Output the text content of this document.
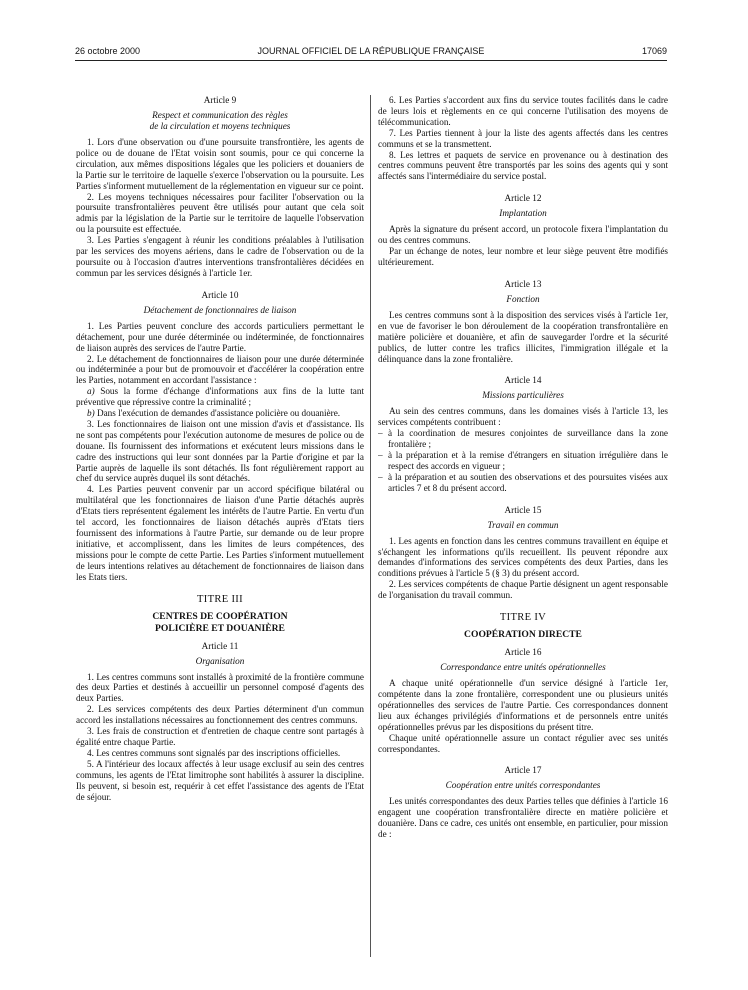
26 octobre 2000	JOURNAL OFFICIEL DE LA RÉPUBLIQUE FRANÇAISE	17069
Article 9
Respect et communication des règles
de la circulation et moyens techniques

1. Lors d'une observation ou d'une poursuite transfrontière, les agents de police ou de douane de l'Etat voisin sont soumis, pour ce qui concerne la circulation, aux mêmes dispositions légales que les policiers et douaniers de la Partie sur le territoire de laquelle s'exerce l'observation ou la poursuite. Les Parties s'informent mutuellement de la réglementation en vigueur sur ce point.

2. Les moyens techniques nécessaires pour faciliter l'observation ou la poursuite transfrontalières peuvent être utilisés pour autant que cela soit admis par la législation de la Partie sur le territoire de laquelle l'observation ou la poursuite est effectuée.

3. Les Parties s'engagent à réunir les conditions préalables à l'utilisation par les services des moyens aériens, dans le cadre de l'observation ou de la poursuite ou à l'occasion d'autres interventions transfrontalières décidées en commun par les services désignés à l'article 1er.

Article 10
Détachement de fonctionnaires de liaison

1. Les Parties peuvent conclure des accords particuliers permettant le détachement, pour une durée déterminée ou indéterminée, de fonctionnaires de liaison auprès des services de l'autre Partie.

2. Le détachement de fonctionnaires de liaison pour une durée déterminée ou indéterminée a pour but de promouvoir et d'accélérer la coopération entre les Parties, notamment en accordant l'assistance :

a) Sous la forme d'échange d'informations aux fins de la lutte tant préventive que répressive contre la criminalité ;

b) Dans l'exécution de demandes d'assistance policière ou douanière.

3. Les fonctionnaires de liaison ont une mission d'avis et d'assistance. Ils ne sont pas compétents pour l'exécution autonome de mesures de police ou de douane. Ils fournissent des informations et exécutent leurs missions dans le cadre des instructions qui leur sont données par la Partie d'origine et par la Partie auprès de laquelle ils sont détachés. Ils font régulièrement rapport au chef du service auprès duquel ils sont détachés.

4. Les Parties peuvent convenir par un accord spécifique bilatéral ou multilatéral que les fonctionnaires de liaison d'une Partie détachés auprès d'Etats tiers représentent également les intérêts de l'autre Partie. En vertu d'un tel accord, les fonctionnaires de liaison détachés auprès d'Etats tiers fournissent des informations à l'autre Partie, sur demande ou de leur propre initiative, et accomplissent, dans les limites de leurs compétences, des missions pour le compte de cette Partie. Les Parties s'informent mutuellement de leurs intentions relatives au détachement de fonctionnaires de liaison dans les Etats tiers.

TITRE III
CENTRES DE COOPÉRATION
POLICIÈRE ET DOUANIÈRE
Article 11
Organisation

1. Les centres communs sont installés à proximité de la frontière commune des deux Parties et destinés à accueillir un personnel composé d'agents des deux Parties.

2. Les services compétents des deux Parties déterminent d'un commun accord les installations nécessaires au fonctionnement des centres communs.

3. Les frais de construction et d'entretien de chaque centre sont partagés à égalité entre chaque Partie.

4. Les centres communs sont signalés par des inscriptions officielles.

5. A l'intérieur des locaux affectés à leur usage exclusif au sein des centres communs, les agents de l'Etat limitrophe sont habilités à assurer la discipline. Ils peuvent, si besoin est, requérir à cet effet l'assistance des agents de l'Etat de séjour.

6. Les Parties s'accordent aux fins du service toutes facilités dans le cadre de leurs lois et règlements en ce qui concerne l'utilisation des moyens de télécommunication.

7. Les Parties tiennent à jour la liste des agents affectés dans les centres communs et se la transmettent.

8. Les lettres et paquets de service en provenance ou à destination des centres communs peuvent être transportés par les soins des agents qui y sont affectés sans l'intermédiaire du service postal.

Article 12
Implantation

Après la signature du présent accord, un protocole fixera l'implantation du ou des centres communs.

Par un échange de notes, leur nombre et leur siège peuvent être modifiés ultérieurement.

Article 13
Fonction

Les centres communs sont à la disposition des services visés à l'article 1er, en vue de favoriser le bon déroulement de la coopération transfrontalière en matière policière et douanière, et afin de sauvegarder l'ordre et la sécurité publics, de lutter contre les trafics illicites, l'immigration illégale et la délinquance dans la zone frontalière.

Article 14
Missions particulières

Au sein des centres communs, dans les domaines visés à l'article 13, les services compétents contribuent :

– à la coordination de mesures conjointes de surveillance dans la zone frontalière ;

– à la préparation et à la remise d'étrangers en situation irrégulière dans le respect des accords en vigueur ;

– à la préparation et au soutien des observations et des poursuites visées aux articles 7 et 8 du présent accord.

Article 15
Travail en commun

1. Les agents en fonction dans les centres communs travaillent en équipe et s'échangent les informations qu'ils recueillent. Ils peuvent répondre aux demandes d'informations des services compétents des deux Parties, dans les conditions prévues à l'article 5 (§ 3) du présent accord.

2. Les services compétents de chaque Partie désignent un agent responsable de l'organisation du travail commun.

TITRE IV
COOPÉRATION DIRECTE
Article 16
Correspondance entre unités opérationnelles

A chaque unité opérationnelle d'un service désigné à l'article 1er, compétente dans la zone frontalière, correspondent une ou plusieurs unités opérationnelles des services de l'autre Partie. Ces correspondances donnent lieu aux échanges privilégiés d'informations et de personnels entre unités opérationnelles prévus par les dispositions du présent titre.

Chaque unité opérationnelle assure un contact régulier avec ses unités correspondantes.

Article 17
Coopération entre unités correspondantes

Les unités correspondantes des deux Parties telles que définies à l'article 16 engagent une coopération transfrontalière directe en matière policière et douanière. Dans ce cadre, ces unités ont ensemble, en particulier, pour mission de :
